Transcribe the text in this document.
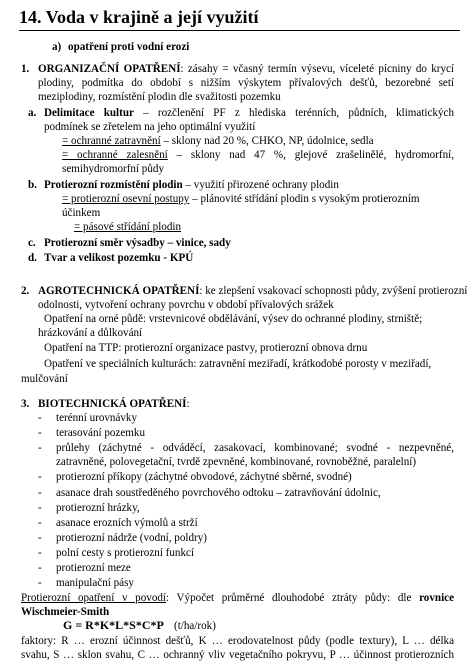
14. Voda v krajině a její využití
a) opatření proti vodní erozi
1. ORGANIZAČNÍ OPATŘENÍ: zásahy = včasný termín výsevu, víceleté pícniny do krycí
plodiny, podmítka do období s nižším výskytem přívalových dešťů, bezorebné setí
meziplodiny, rozmístění plodin dle svažitosti pozemku
a. Delimitace kultur – rozčlenění PF z hlediska terénních, půdních, klimatických
podmínek se zřetelem na jeho optimální využití
= ochranné zatravnění – sklony nad 20 %, CHKO, NP, údolnice, sedla
= ochranné zalesnění – sklony nad 47 %, glejové zrašelinělé, hydromorfní,
semihydromorfní půdy
b. Protierozní rozmístění plodin – využití přirozené ochrany plodin
= protierozní osevní postupy – plánovité střídání plodin s vysokým protierozním
účinkem
= pásové střídání plodin
c. Protierozní směr výsadby – vinice, sady
d. Tvar a velikost pozemku - KPÚ
2. AGROTECHNICKÁ OPATŘENÍ: ke zlepšení vsakovací schopnosti půdy, zvýšení protierozní
odolnosti, vytvoření ochrany povrchu v období přívalových srážek
Opatření na orné půdě: vrstevnicové obdělávání, výsev do ochranné plodiny, strniště;
hrázkování a důlkování
Opatření na TTP: protierozní organizace pastvy, protierozní obnova drnu
Opatření ve speciálních kulturách: zatravnění meziřadí, krátkodobé porosty v meziřadí,
mulčování
3. BIOTECHNICKÁ OPATŘENÍ:
- terénní urovnávky
- terasování pozemku
- průlehy (záchytné - odváděcí, zasakovací, kombinované; svodné - nezpevněné,
zatravněné, polovegetační, tvrdě zpevněné, kombinované, rovnoběžné, paralelní)
- protierozní příkopy (záchytné obvodové, záchytné sběrné, svodné)
- asanace drah soustředěného povrchového odtoku – zatravňování údolnic,
- protierozní hrázky,
- asanace erozních výmolů a strží
- protierozní nádrže (vodní, poldry)
- polní cesty s protierozní funkcí
- protierozní meze
- manipulační pásy
Protierozní opatření v povodí: Výpočet průměrné dlouhodobé ztráty půdy: dle rovnice
Wischmeier-Smith
G = R*K*L*S*C*P (t/ha/rok)
faktory: R … erozní účinnost dešťů, K … erodovatelnost půdy (podle textury), L … délka
svahu, S … sklon svahu, C … ochranný vliv vegetačního pokryvu, P … účinnost protierozních
